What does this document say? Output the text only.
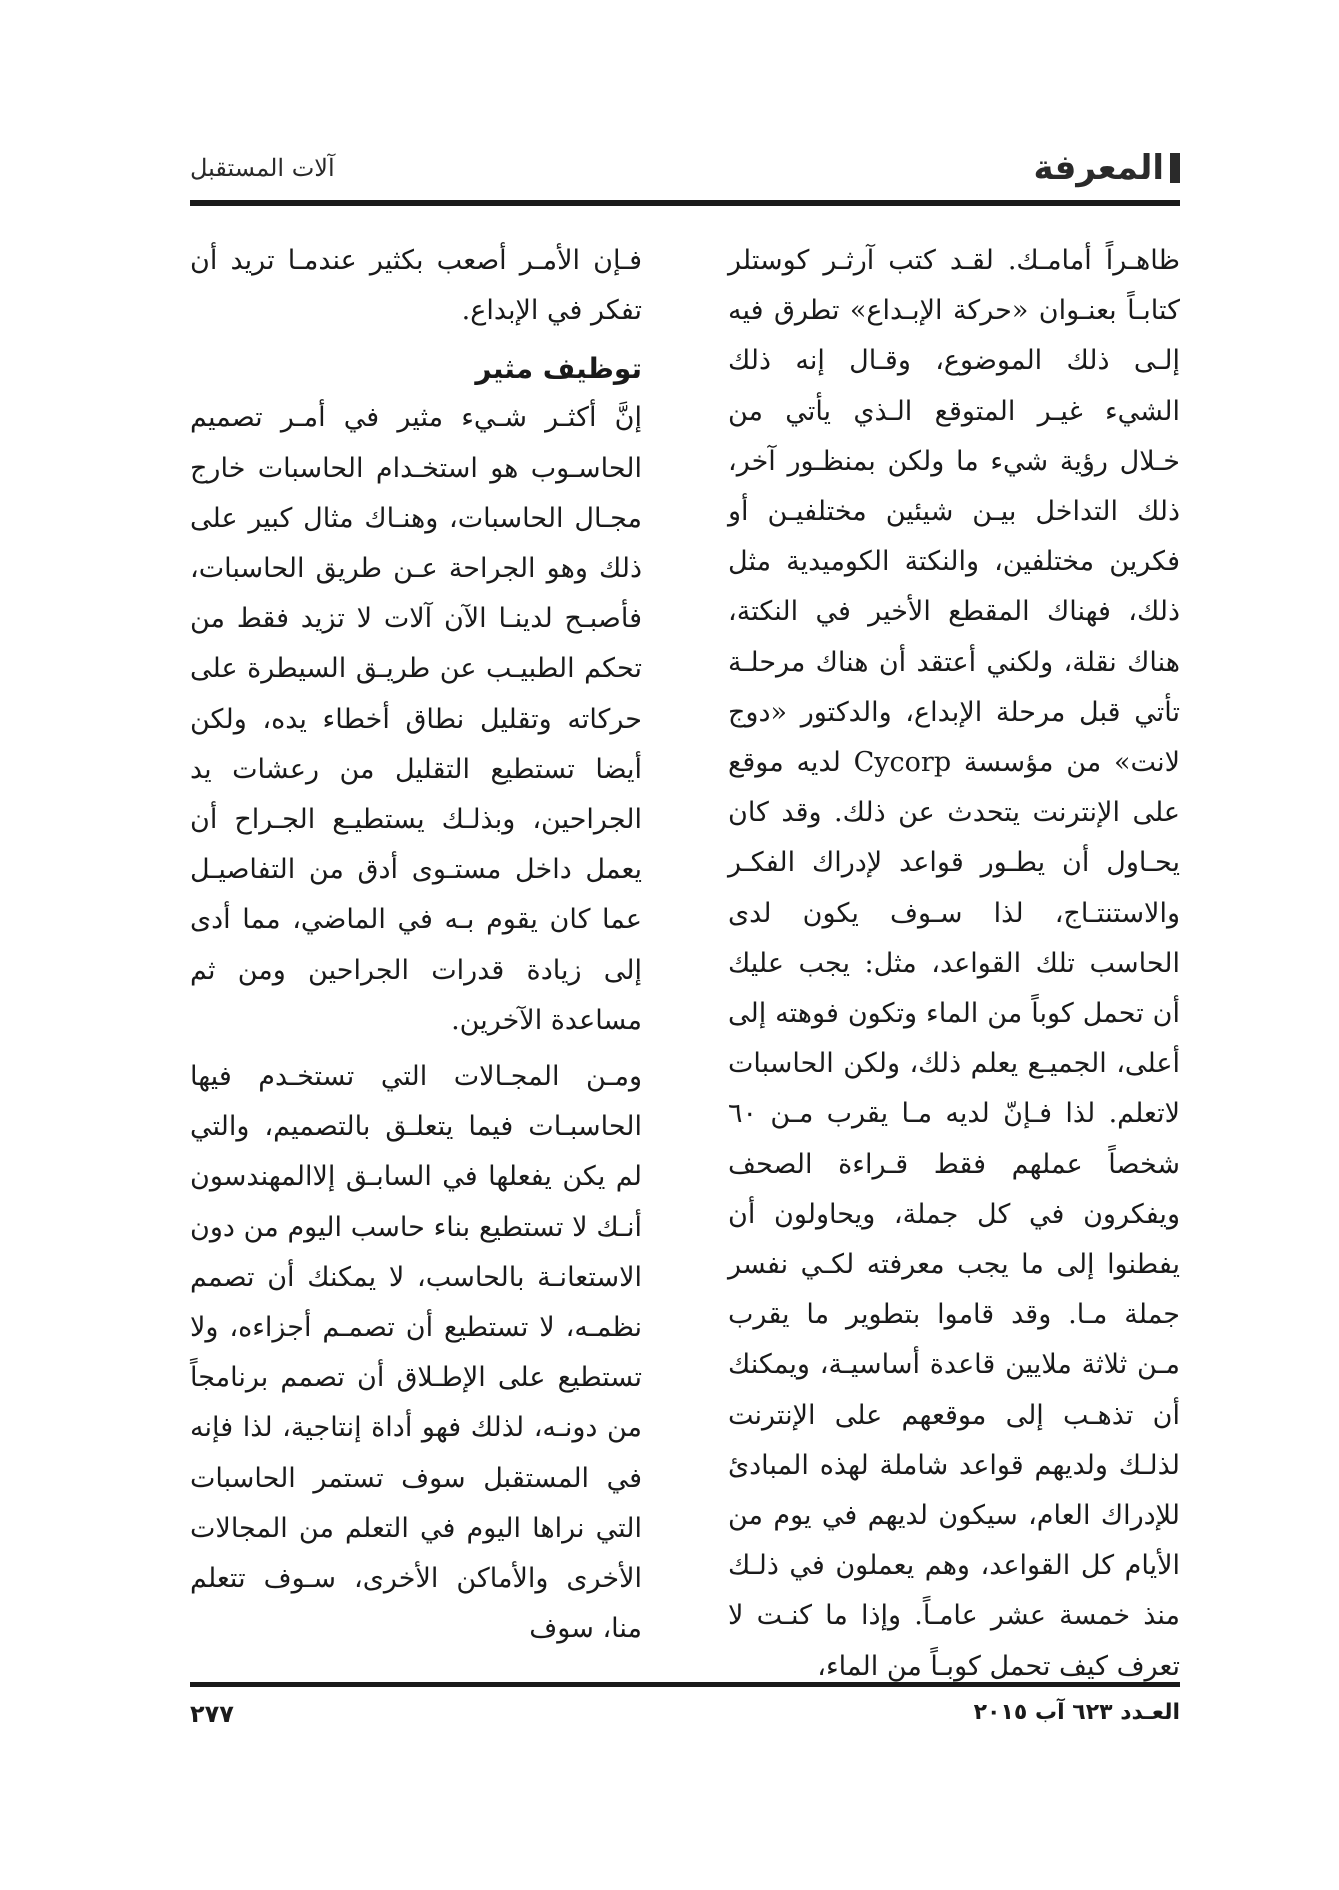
المعرفة
آلات المستقبل

ظاهـراً أمامـك. لقـد كتب آرثـر كوستلر كتابـاً بعنـوان «حركة الإبـداع» تطرق فيه إلـى ذلك الموضوع، وقـال إنه ذلك الشيء غيـر المتوقع الـذي يأتي من خـلال رؤية شيء ما ولكن بمنظـور آخر، ذلك التداخل بيـن شيئين مختلفيـن أو فكرين مختلفين، والنكتة الكوميدية مثل ذلك، فهناك المقطع الأخير في النكتة، هناك نقلة، ولكني أعتقد أن هناك مرحلـة تأتي قبل مرحلة الإبداع، والدكتور «دوج لانت» من مؤسسة Cycorp لديه موقع على الإنترنت يتحدث عن ذلك. وقد كان يحـاول أن يطـور قواعد لإدراك الفكـر والاستنتـاج، لذا سـوف يكون لدى الحاسب تلك القواعد، مثل: يجب عليك أن تحمل كوباً من الماء وتكون فوهته إلى أعلى، الجميـع يعلم ذلك، ولكن الحاسبات لاتعلم. لذا فـإنّ لديه مـا يقرب مـن ٦٠ شخصاً عملهم فقط قـراءة الصحف ويفكرون في كل جملة، ويحاولون أن يفطنوا إلى ما يجب معرفته لكـي نفسر جملة مـا. وقد قاموا بتطوير ما يقرب مـن ثلاثة ملايين قاعدة أساسيـة، ويمكنك أن تذهـب إلى موقعهم على الإنترنت لذلـك ولديهم قواعد شاملة لهذه المبادئ للإدراك العام، سيكون لديهم في يوم من الأيام كل القواعد، وهم يعملون في ذلـك منذ خمسة عشر عامـاً. وإذا ما كنـت لا تعرف كيف تحمل كوبـاً من الماء،

فـإن الأمـر أصعب بكثير عندمـا تريد أن تفكر في الإبداع.

توظيف مثير

إنَّ أكثـر شـيء مثير في أمـر تصميم الحاسـوب هو استخـدام الحاسبات خارج مجـال الحاسبات، وهنـاك مثال كبير على ذلك وهو الجراحة عـن طريق الحاسبات، فأصبـح لدينـا الآن آلات لا تزيد فقط من تحكم الطبيـب عن طريـق السيطرة على حركاته وتقليل نطاق أخطاء يده، ولكن أيضا تستطيع التقليل من رعشات يد الجراحين، وبذلـك يستطيـع الجـراح أن يعمل داخل مستـوى أدق من التفاصيـل عما كان يقوم بـه في الماضي، مما أدى إلى زيادة قدرات الجراحين ومن ثم مساعدة الآخرين.

ومـن المجـالات التي تستخـدم فيها الحاسبـات فيما يتعلـق بالتصميم، والتي لم يكن يفعلها في السابـق إلاالمهندسون أنـك لا تستطيع بناء حاسب اليوم من دون الاستعانـة بالحاسب، لا يمكنك أن تصمم نظمـه، لا تستطيع أن تصمـم أجزاءه، ولا تستطيع على الإطـلاق أن تصمم برنامجاً من دونـه، لذلك فهو أداة إنتاجية، لذا فإنه في المستقبل سوف تستمر الحاسبات التي نراها اليوم في التعلم من المجالات الأخرى والأماكن الأخرى، سـوف تتعلم منا، سوف

العـدد ٦٢٣ آب ٢٠١٥
٢٧٧
